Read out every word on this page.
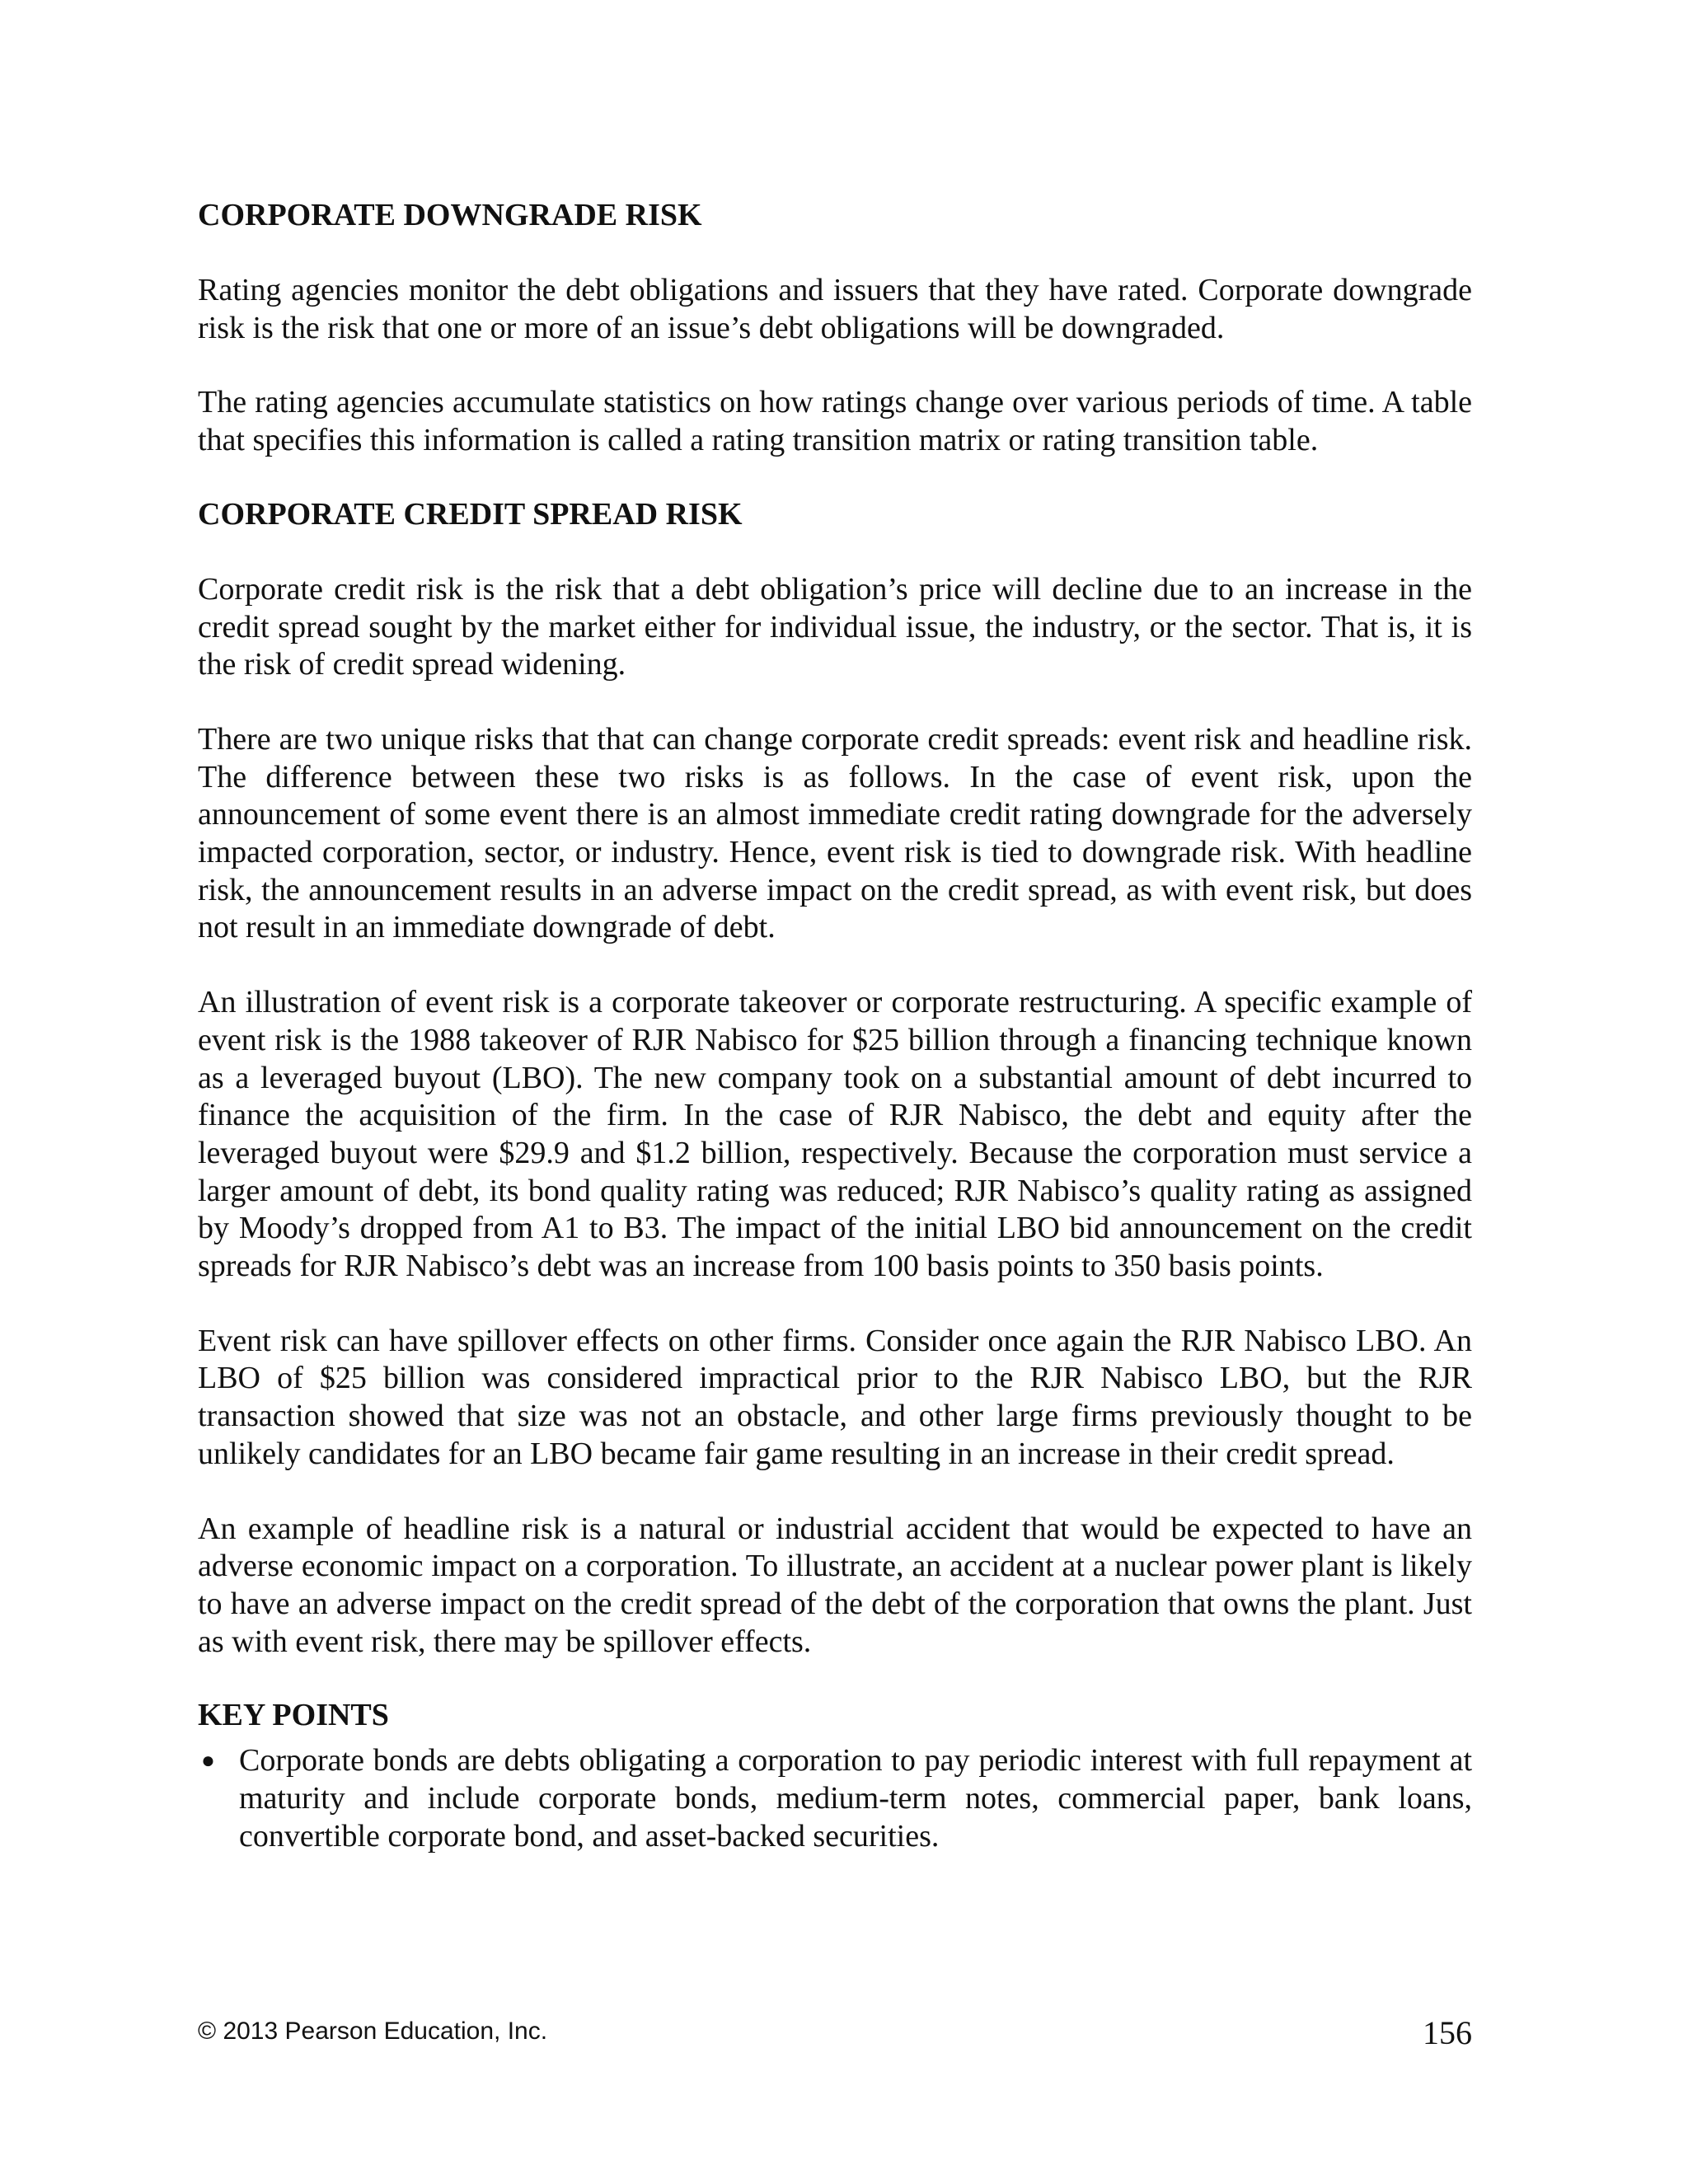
CORPORATE DOWNGRADE RISK

Rating agencies monitor the debt obligations and issuers that they have rated. Corporate downgrade risk is the risk that one or more of an issue’s debt obligations will be downgraded.

The rating agencies accumulate statistics on how ratings change over various periods of time. A table that specifies this information is called a rating transition matrix or rating transition table.

CORPORATE CREDIT SPREAD RISK

Corporate credit risk is the risk that a debt obligation’s price will decline due to an increase in the credit spread sought by the market either for individual issue, the industry, or the sector. That is, it is the risk of credit spread widening.

There are two unique risks that that can change corporate credit spreads: event risk and headline risk. The difference between these two risks is as follows. In the case of event risk, upon the announcement of some event there is an almost immediate credit rating downgrade for the adversely impacted corporation, sector, or industry. Hence, event risk is tied to downgrade risk. With headline risk, the announcement results in an adverse impact on the credit spread, as with event risk, but does not result in an immediate downgrade of debt.

An illustration of event risk is a corporate takeover or corporate restructuring. A specific example of event risk is the 1988 takeover of RJR Nabisco for $25 billion through a financing technique known as a leveraged buyout (LBO). The new company took on a substantial amount of debt incurred to finance the acquisition of the firm. In the case of RJR Nabisco, the debt and equity after the leveraged buyout were $29.9 and $1.2 billion, respectively. Because the corporation must service a larger amount of debt, its bond quality rating was reduced; RJR Nabisco’s quality rating as assigned by Moody’s dropped from A1 to B3. The impact of the initial LBO bid announcement on the credit spreads for RJR Nabisco’s debt was an increase from 100 basis points to 350 basis points.

Event risk can have spillover effects on other firms. Consider once again the RJR Nabisco LBO. An LBO of $25 billion was considered impractical prior to the RJR Nabisco LBO, but the RJR transaction showed that size was not an obstacle, and other large firms previously thought to be unlikely candidates for an LBO became fair game resulting in an increase in their credit spread.

An example of headline risk is a natural or industrial accident that would be expected to have an adverse economic impact on a corporation. To illustrate, an accident at a nuclear power plant is likely to have an adverse impact on the credit spread of the debt of the corporation that owns the plant. Just as with event risk, there may be spillover effects.

KEY POINTS
● Corporate bonds are debts obligating a corporation to pay periodic interest with full repayment at maturity and include corporate bonds, medium-term notes, commercial paper, bank loans, convertible corporate bond, and asset-backed securities.
© 2013 Pearson Education, Inc.	156
